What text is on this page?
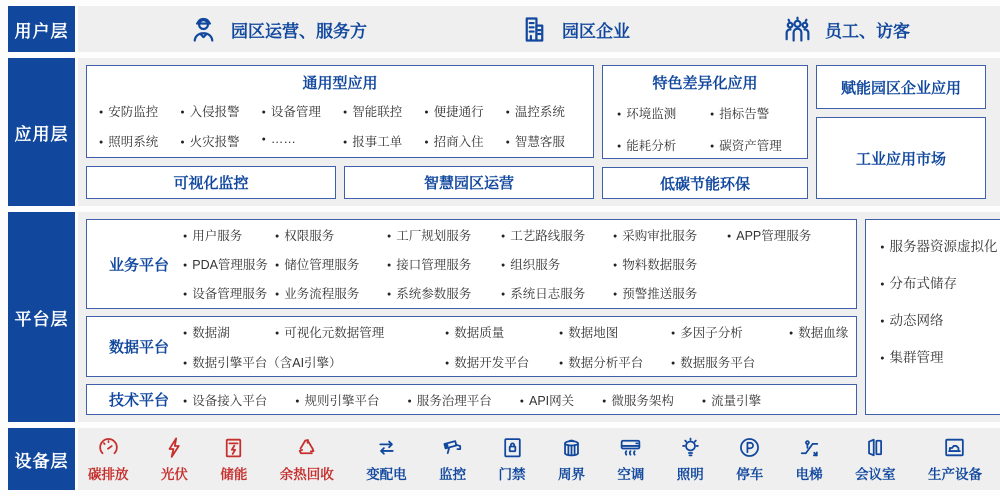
用户层	园区运营、服务方	园区企业	员工、访客
应用层
通用型应用
● 安防监控	● 入侵报警	● 设备管理	● 智能联控	● 便捷通行	● 温控系统
● 照明系统	● 火灾报警	● ……	● 报事工单	● 招商入住	● 智慧客服
可视化监控	智慧园区运营
特色差异化应用
● 环境监测	● 指标告警
● 能耗分析	● 碳资产管理
低碳节能环保
赋能园区企业应用
工业应用市场
平台层
业务平台
● 用户服务	● 权限服务	● 工厂规划服务	● 工艺路线服务	● 采购审批服务	● APP管理服务
● PDA管理服务	● 储位管理服务	● 接口管理服务	● 组织服务	● 物料数据服务
● 设备管理服务	● 业务流程服务	● 系统参数服务	● 系统日志服务	● 预警推送服务
数据平台
● 数据湖	● 可视化元数据管理	● 数据质量	● 数据地图	● 多因子分析	● 数据血缘
● 数据引擎平台（含AI引擎）	● 数据开发平台	● 数据分析平台	● 数据服务平台
技术平台	● 设备接入平台	● 规则引擎平台	● 服务治理平台	● API网关	● 微服务架构	● 流量引擎
● 服务器资源虚拟化
● 分布式储存
● 动态网络
● 集群管理
设备层
碳排放 光伏 储能 余热回收 变配电 监控 门禁 周界 空调 照明 停车 电梯 会议室 生产设备
